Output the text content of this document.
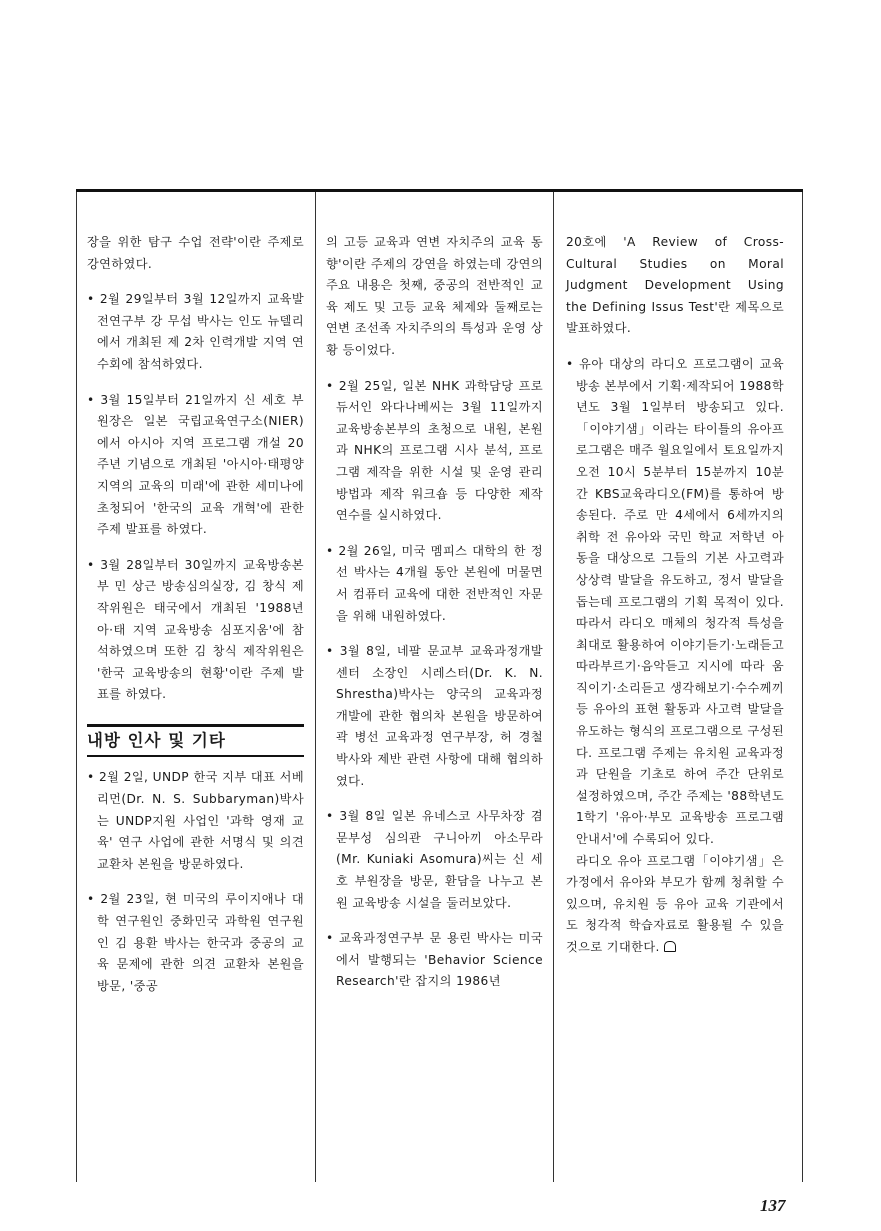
장을 위한 탐구 수업 전략'이란 주제로 강연하였다.

• 2월 29일부터 3월 12일까지 교육발전연구부 강 무섭 박사는 인도 뉴델리에서 개최된 제 2차 인력개발 지역 연수회에 참석하였다.

• 3월 15일부터 21일까지 신 세호 부원장은 일본 국립교육연구소(NIER)에서 아시아 지역 프로그램 개설 20주년 기념으로 개최된 '아시아·태평양 지역의 교육의 미래'에 관한 세미나에 초청되어 '한국의 교육 개혁'에 관한 주제 발표를 하였다.

• 3월 28일부터 30일까지 교육방송본부 민 상근 방송심의실장, 김 창식 제작위원은 태국에서 개최된 '1988년 아·태 지역 교육방송 심포지움'에 참석하였으며 또한 김 창식 제작위원은 '한국 교육방송의 현황'이란 주제 발표를 하였다.

내방 인사 및 기타

• 2월 2일, UNDP 한국 지부 대표 서베리먼(Dr. N. S. Subbaryman)박사는 UNDP지원 사업인 '과학 영재 교육' 연구 사업에 관한 서명식 및 의견 교환차 본원을 방문하였다.

• 2월 23일, 현 미국의 루이지애나 대학 연구원인 중화민국 과학원 연구원인 김 용환 박사는 한국과 중공의 교육 문제에 관한 의견 교환차 본원을 방문, '중공

의 고등 교육과 연변 자치주의 교육 동향'이란 주제의 강연을 하였는데 강연의 주요 내용은 첫째, 중공의 전반적인 교육 제도 및 고등 교육 체제와 둘째로는 연변 조선족 자치주의의 특성과 운영 상황 등이었다.

• 2월 25일, 일본 NHK 과학담당 프로듀서인 와다나베씨는 3월 11일까지 교육방송본부의 초청으로 내원, 본원과 NHK의 프로그램 시사 분석, 프로그램 제작을 위한 시설 및 운영 관리 방법과 제작 워크숍 등 다양한 제작 연수를 실시하였다.

• 2월 26일, 미국 멤피스 대학의 한 정선 박사는 4개월 동안 본원에 머물면서 컴퓨터 교육에 대한 전반적인 자문을 위해 내원하였다.

• 3월 8일, 네팔 문교부 교육과정개발센터 소장인 시레스터(Dr. K. N. Shrestha)박사는 양국의 교육과정 개발에 관한 협의차 본원을 방문하여 곽 병선 교육과정 연구부장, 허 경철 박사와 제반 관련 사항에 대해 협의하였다.

• 3월 8일 일본 유네스코 사무차장 겸 문부성 심의관 구니아끼 아소무라(Mr. Kuniaki Asomura)씨는 신 세호 부원장을 방문, 환담을 나누고 본원 교육방송 시설을 둘러보았다.

• 교육과정연구부 문 용린 박사는 미국에서 발행되는 'Behavior Science Research'란 잡지의 1986년

20호에 'A Review of Cross-Cultural Studies on Moral Judgment Development Using the Defining Issus Test'란 제목으로 발표하였다.

• 유아 대상의 라디오 프로그램이 교육방송 본부에서 기획·제작되어 1988학년도 3월 1일부터 방송되고 있다. 「이야기샘」이라는 타이틀의 유아프로그램은 매주 월요일에서 토요일까지 오전 10시 5분부터 15분까지 10분간 KBS교육라디오(FM)를 통하여 방송된다. 주로 만 4세에서 6세까지의 취학 전 유아와 국민 학교 저학년 아동을 대상으로 그들의 기본 사고력과 상상력 발달을 유도하고, 정서 발달을 돕는데 프로그램의 기획 목적이 있다. 따라서 라디오 매체의 청각적 특성을 최대로 활용하여 이야기듣기·노래듣고 따라부르기·음악듣고 지시에 따라 움직이기·소리듣고 생각해보기·수수께끼 등 유아의 표현 활동과 사고력 발달을 유도하는 형식의 프로그램으로 구성된다. 프로그램 주제는 유치원 교육과정과 단원을 기초로 하여 주간 단위로 설정하였으며, 주간 주제는 '88학년도 1학기 '유아·부모 교육방송 프로그램 안내서'에 수록되어 있다.

라디오 유아 프로그램「이야기샘」은 가정에서 유아와 부모가 함께 청취할 수 있으며, 유치원 등 유아 교육 기관에서도 청각적 학습자료로 활용될 수 있을 것으로 기대한다.

137
